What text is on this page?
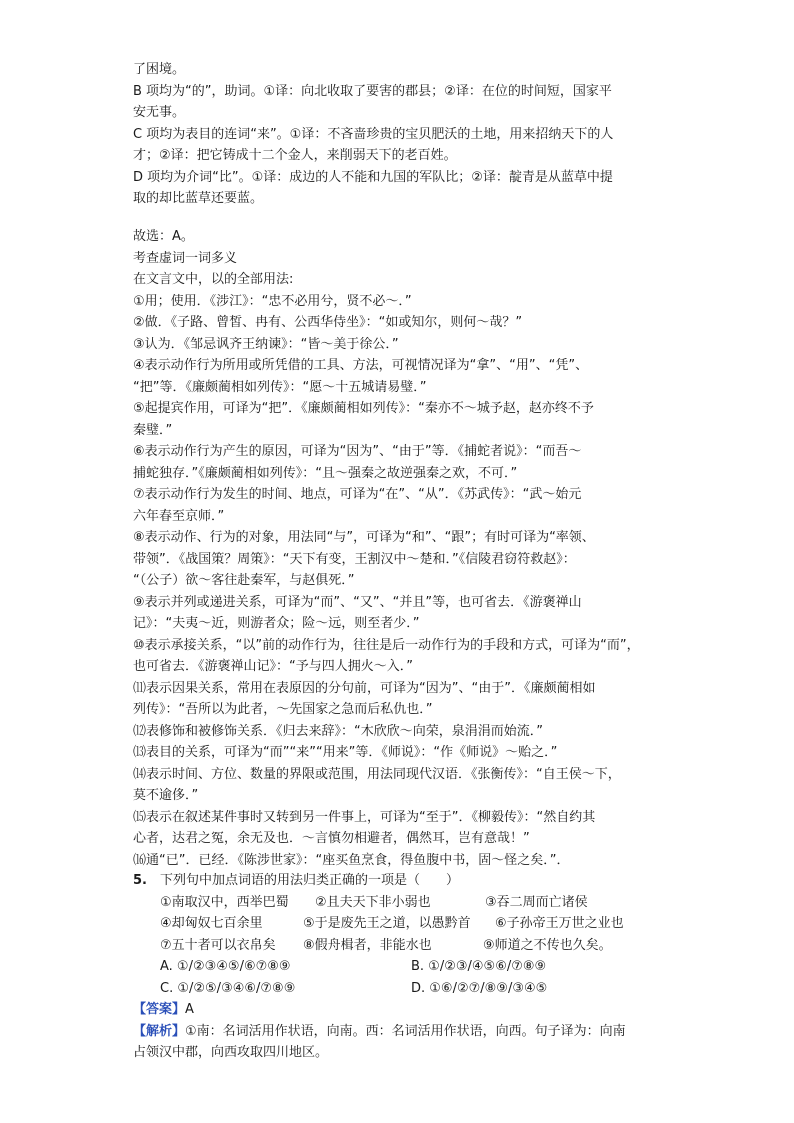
了困境。
B 项均为“的”，助词。①译：向北收取了要害的郡县；②译：在位的时间短，国家平
安无事。
C 项均为表目的连词“来”。①译：不吝啬珍贵的宝贝肥沃的土地，用来招纳天下的人
才；②译：把它铸成十二个金人，来削弱天下的老百姓。
D 项均为介词“比”。①译：成边的人不能和九国的军队比；②译：靛青是从蓝草中提
取的却比蓝草还要蓝。
故选：A。
考查虚词一词多义
在文言文中，以的全部用法:
①用；使用．《涉江》：“忠不必用兮，贤不必～．”
②做．《子路、曾皙、冉有、公西华侍坐》：“如或知尔，则何～哉？”
③认为．《邹忌讽齐王纳谏》：“皆～美于徐公．”
④表示动作行为所用或所凭借的工具、方法，可视情况译为“拿”、“用”、“凭”、
“把”等．《廉颇蔺相如列传》：“愿～十五城请易璧．”
⑤起提宾作用，可译为“把”．《廉颇蔺相如列传》：“秦亦不～城予赵，赵亦终不予
秦璧．”
⑥表示动作行为产生的原因，可译为“因为”、“由于”等．《捕蛇者说》：“而吾～
捕蛇独存．”《廉颇蔺相如列传》：“且～强秦之故逆强秦之欢，不可．”
⑦表示动作行为发生的时间、地点，可译为“在”、“从”．《苏武传》：“武～始元
六年春至京师．”
⑧表示动作、行为的对象，用法同“与”，可译为“和”、“跟”；有时可译为“率领、
带领”．《战国策？周策》：“天下有变，王割汉中～楚和．”《信陵君窃符救赵》：
“（公子）欲～客往赴秦军，与赵俱死．”
⑨表示并列或递进关系，可译为“而”、“又”、“并且”等，也可省去．《游褒禅山
记》：“夫夷～近，则游者众；险～远，则至者少．”
⑩表示承接关系，“以”前的动作行为，往往是后一动作行为的手段和方式，可译为“而”，
也可省去．《游褒禅山记》：“予与四人拥火～入．”
⑾表示因果关系，常用在表原因的分句前，可译为“因为”、“由于”．《廉颇蔺相如
列传》：“吾所以为此者，～先国家之急而后私仇也．”
⑿表修饰和被修饰关系．《归去来辞》：“木欣欣～向荣，泉涓涓而始流．”
⒀表目的关系，可译为“而”“来”“用来”等．《师说》：“作《师说》～贻之．”
⒁表示时间、方位、数量的界限或范围，用法同现代汉语．《张衡传》：“自王侯～下，
莫不逾侈．”
⒂表示在叙述某件事时又转到另一件事上，可译为“至于”．《柳毅传》：“然自约其
心者，达君之冤，余无及也．～言慎勿相避者，偶然耳，岂有意哉！”
⒃通“已”．已经．《陈涉世家》：“座买鱼烹食，得鱼腹中书，固～怪之矣．”．
5. 下列句中加点词语的用法归类正确的一项是（　　）
①南取汉中，西举巴蜀 ②且夫天下非小弱也	③吞二周而亡诸侯
④却匈奴七百余里	⑤于是废先王之道，以愚黔首 ⑥子孙帝王万世之业也
⑦五十者可以衣帛矣 ⑧假舟楫者，非能水也	⑨师道之不传也久矣。
A. ①/②③④⑤/⑥⑦⑧⑨	B. ①/②③/④⑤⑥/⑦⑧⑨
C. ①/②⑤/③④⑥/⑦⑧⑨	D. ①⑥/②⑦/⑧⑨/③④⑤
【答案】A
【解析】①南：名词活用作状语，向南。西：名词活用作状语，向西。句子译为：向南
占领汉中郡，向西攻取四川地区。
